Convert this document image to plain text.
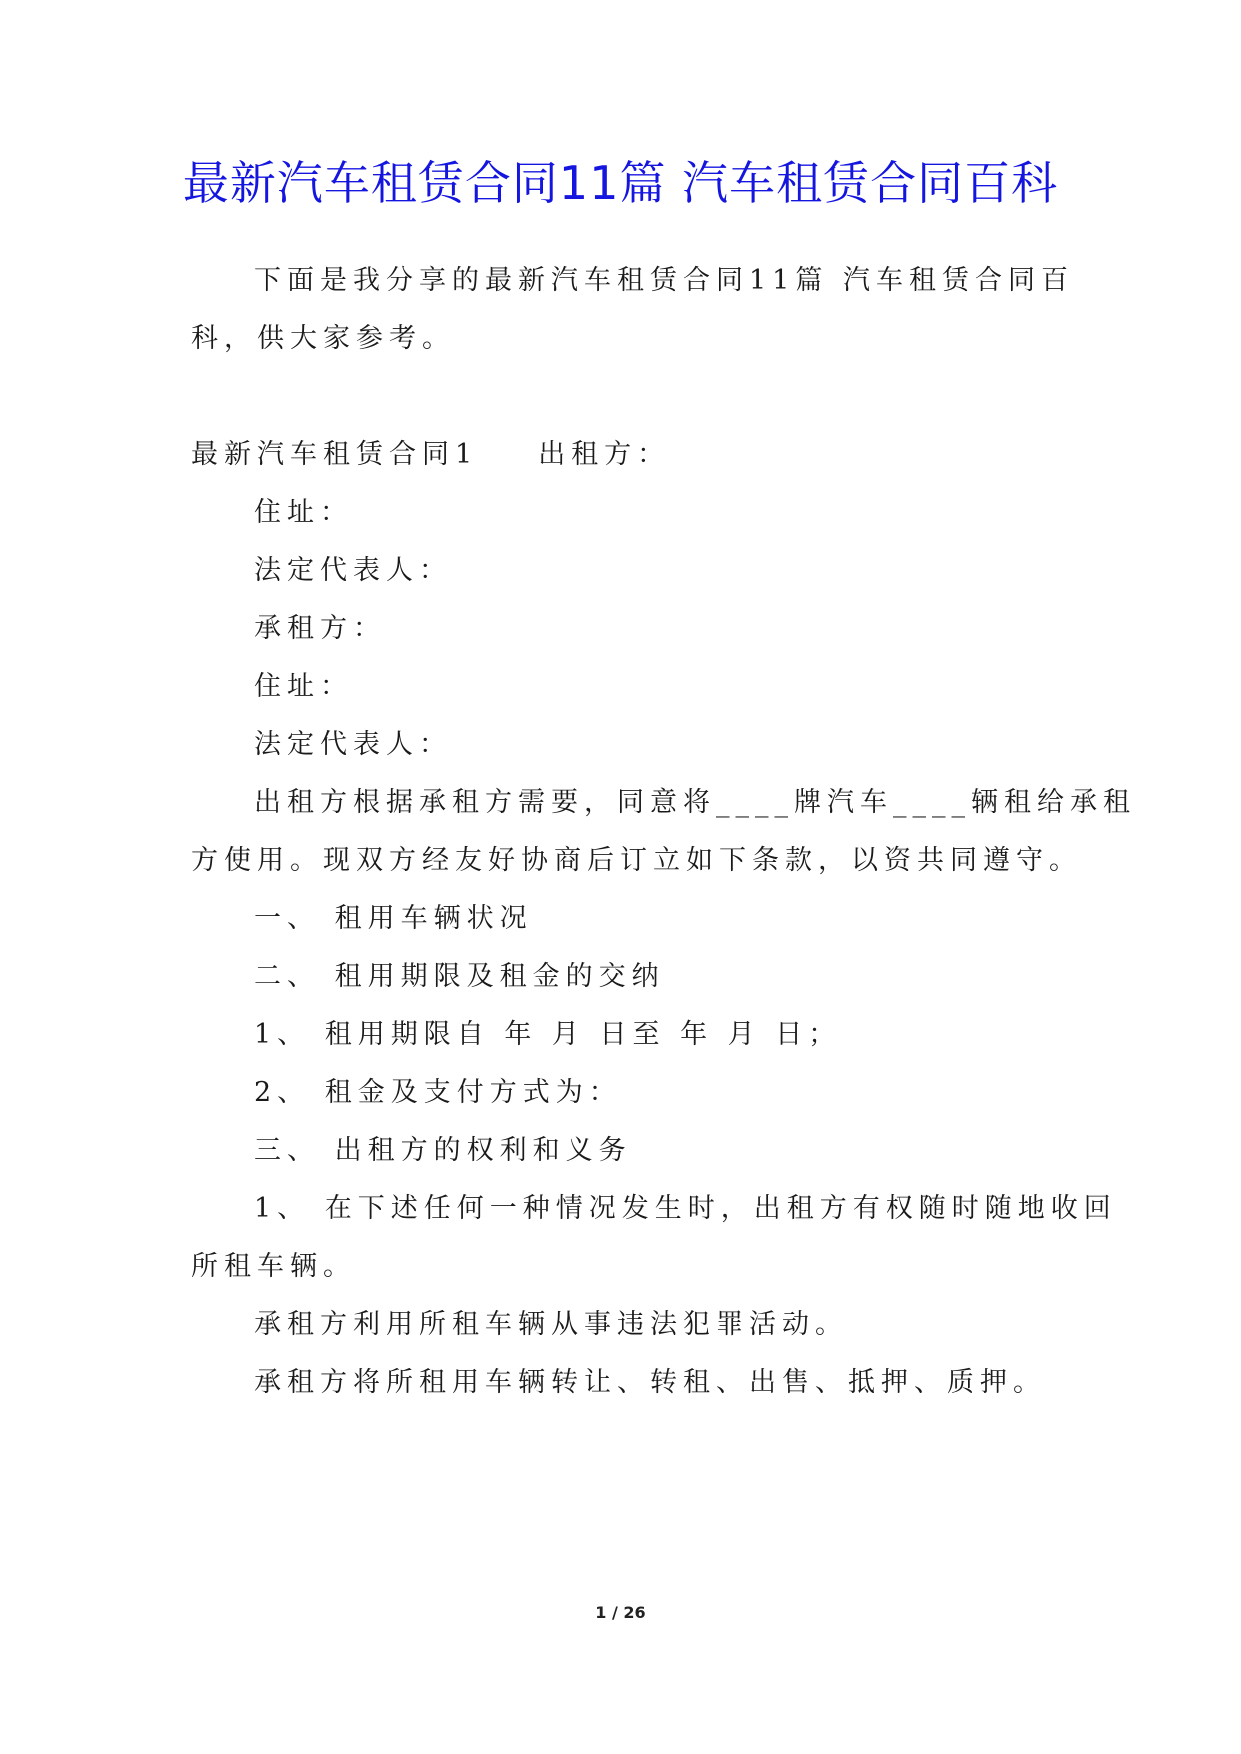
最新汽车租赁合同11篇 汽车租赁合同百科
下面是我分享的最新汽车租赁合同11篇 汽车租赁合同百
科，供大家参考。
最新汽车租赁合同1 出租方：
住址：
法定代表人：
承租方：
住址：
法定代表人：
出租方根据承租方需要，同意将____牌汽车____辆租给承租
方使用。现双方经友好协商后订立如下条款，以资共同遵守。
一、 租用车辆状况
二、 租用期限及租金的交纳
1、 租用期限自 年 月 日至 年 月 日；
2、 租金及支付方式为：
三、 出租方的权利和义务
1、 在下述任何一种情况发生时，出租方有权随时随地收回
所租车辆。
承租方利用所租车辆从事违法犯罪活动。
承租方将所租用车辆转让、转租、出售、抵押、质押。
1 / 26
